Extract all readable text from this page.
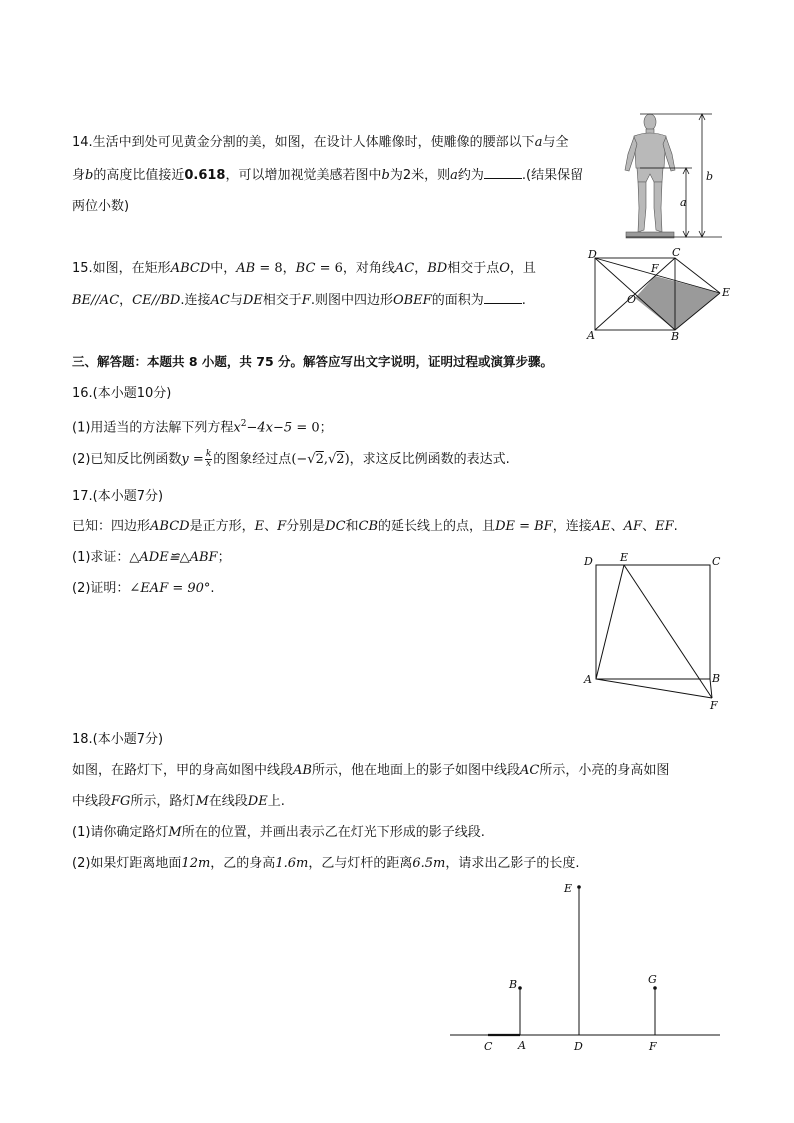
14.生活中到处可见黄金分割的美，如图，在设计人体雕像时，使雕像的腰部以下a与全
身b的高度比值接近0.618，可以增加视觉美感若图中b为2米，则a约为	.(结果保留
两位小数)
b
a
15.如图，在矩形ABCD中，AB = 8，BC = 6，对角线AC，BD相交于点O，且
BE//AC，CE//BD.连接AC与DE相交于F.则图中四边形OBEF的面积为	.
D	C
F
E
O
A	B
三、解答题：本题共 8 小题，共 75 分。解答应写出文字说明，证明过程或演算步骤。
16.(本小题10分)
(1)用适当的方法解下列方程$x^2-4x-5 = 0$；
(2)已知反比例函数$y = \frac{k}{x}$ 的图象经过点(−√2,√2)，求这反比例函数的表达式.
17.(本小题7分)
已知：四边形ABCD是正方形，E、F分别是DC和CB的延长线上的点，且DE = BF，连接AE、AF、EF.
(1)求证：△ADE≌△ABF；
(2)证明：∠EAF = 90°.
D E	C
A	B
F
18.(本小题7分)
如图，在路灯下，甲的身高如图中线段AB所示，他在地面上的影子如图中线段AC所示，小亮的身高如图
中线段FG所示，路灯M在线段DE上.
(1)请你确定路灯M所在的位置，并画出表示乙在灯光下形成的影子线段.
(2)如果灯距离地面12m，乙的身高1.6m，乙与灯杆的距离6.5m，请求出乙影子的长度.
E
B	G
C A	D	F
